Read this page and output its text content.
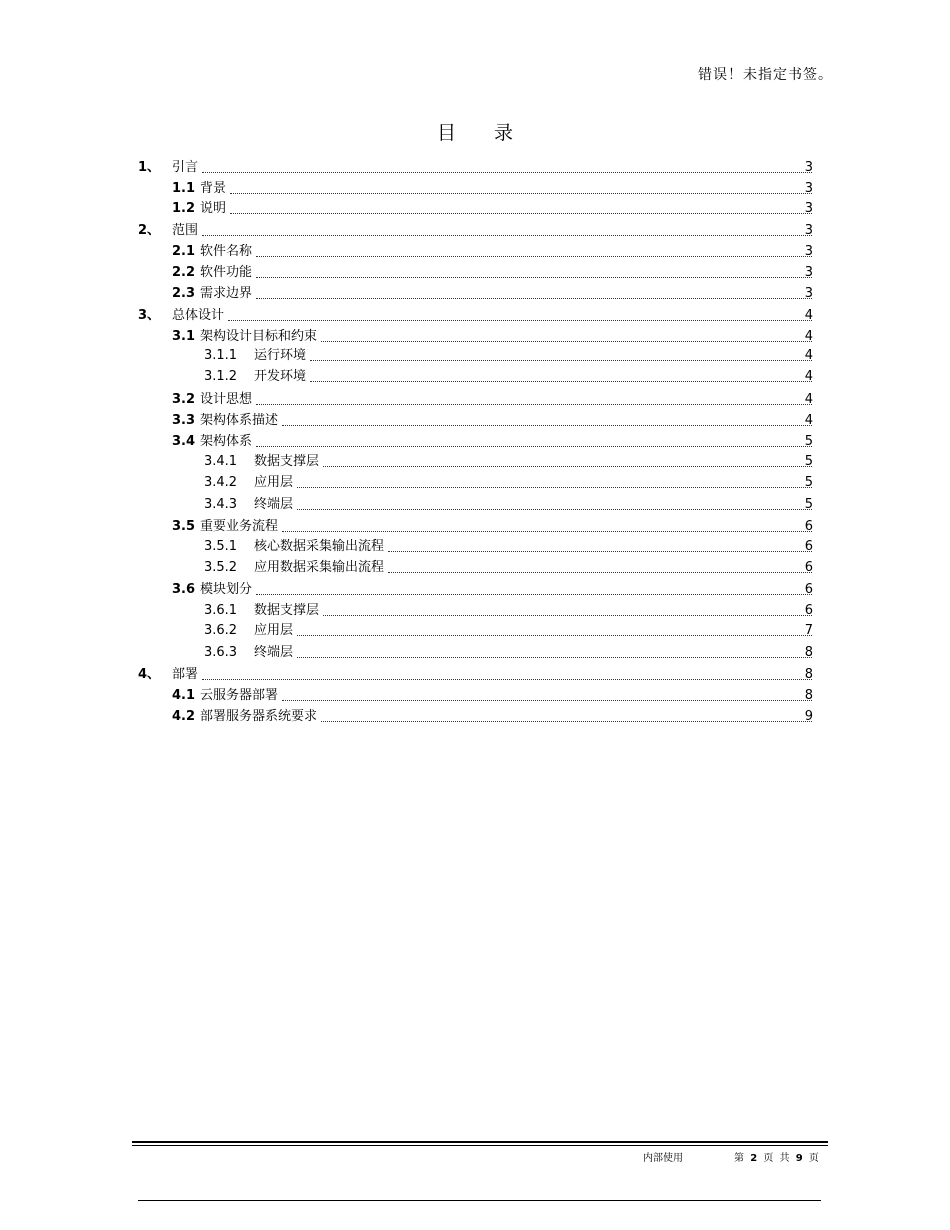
错误！未指定书签。
目 录
1、 引言	3
1.1 背景	3
1.2 说明	3
2、 范围	3
2.1 软件名称	3
2.2 软件功能	3
2.3 需求边界	3
3、 总体设计	4
3.1 架构设计目标和约束	4
3.1.1 运行环境	4
3.1.2 开发环境	4
3.2 设计思想	4
3.3 架构体系描述	4
3.4 架构体系	5
3.4.1 数据支撑层	5
3.4.2 应用层	5
3.4.3 终端层	5
3.5 重要业务流程	6
3.5.1 核心数据采集输出流程	6
3.5.2 应用数据采集输出流程	6
3.6 模块划分	6
3.6.1 数据支撑层	6
3.6.2 应用层	7
3.6.3 终端层	8
4、 部署	8
4.1 云服务器部署	8
4.2 部署服务器系统要求	9
内部使用	第 2 页 共 9 页
